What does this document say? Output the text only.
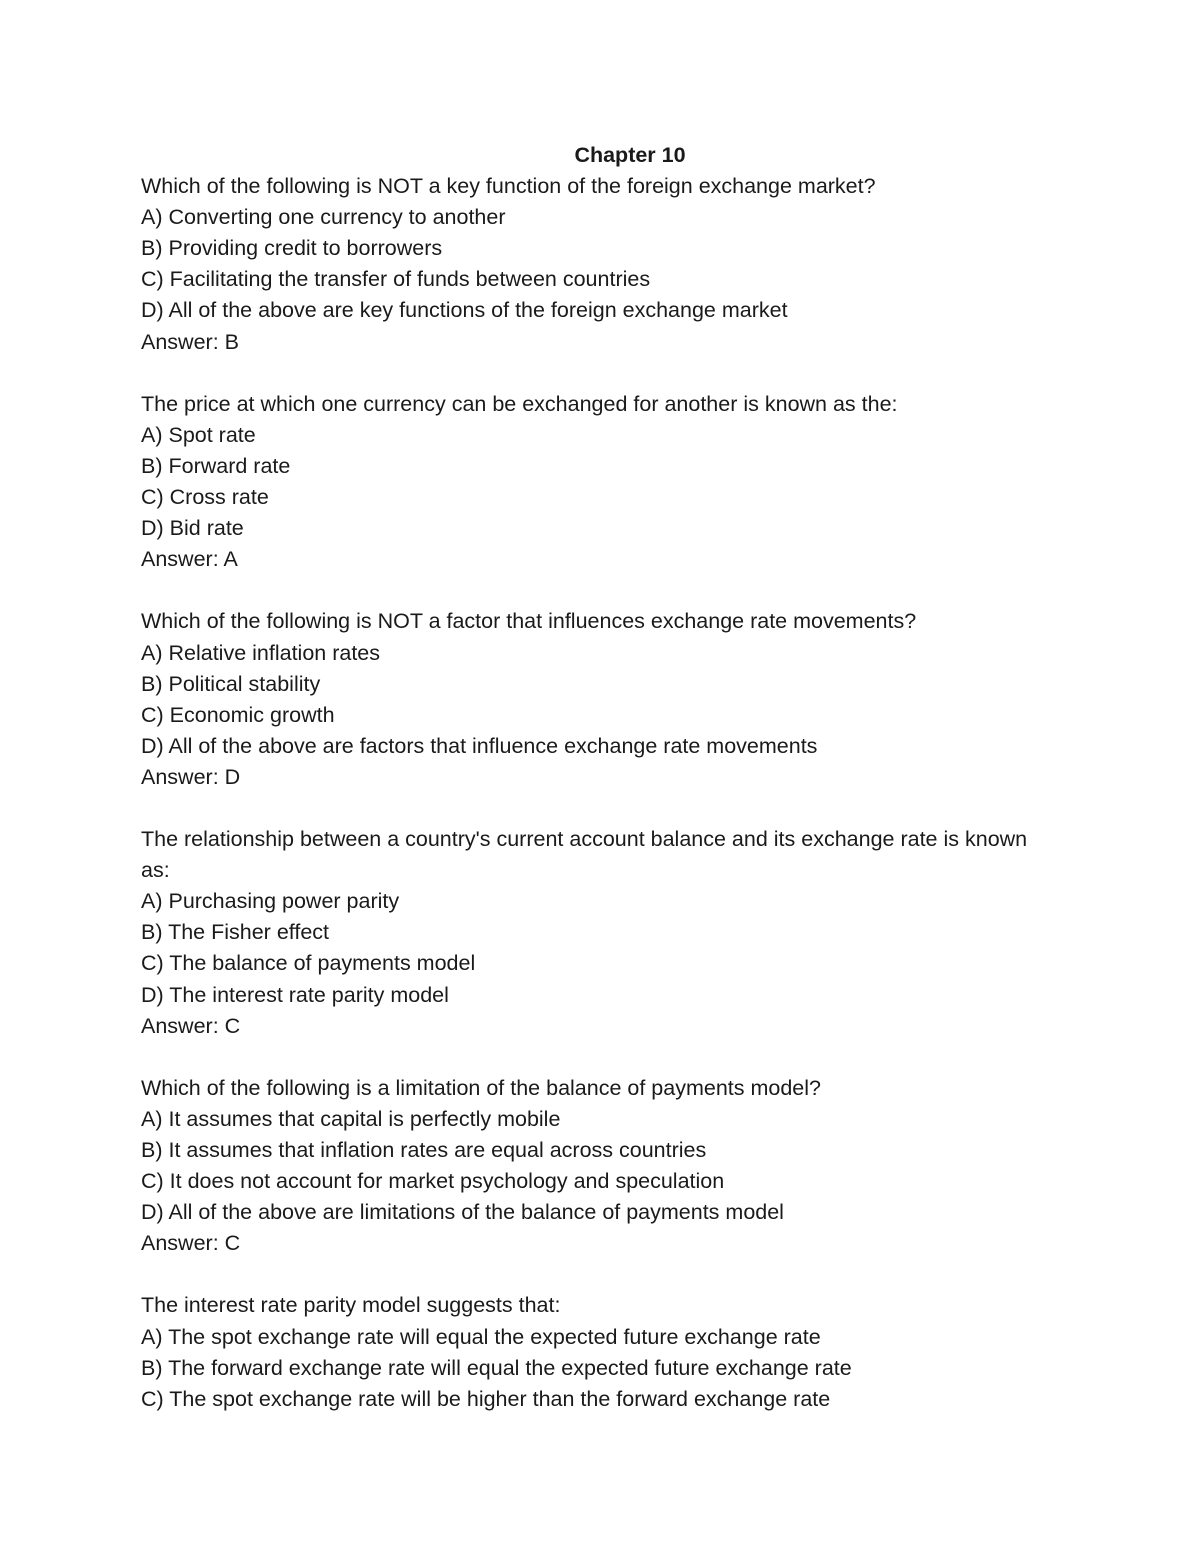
Chapter 10

Which of the following is NOT a key function of the foreign exchange market?

A) Converting one currency to another

B) Providing credit to borrowers

C) Facilitating the transfer of funds between countries

D) All of the above are key functions of the foreign exchange market

Answer: B

The price at which one currency can be exchanged for another is known as the:

A) Spot rate

B) Forward rate

C) Cross rate

D) Bid rate

Answer: A

Which of the following is NOT a factor that influences exchange rate movements?

A) Relative inflation rates

B) Political stability

C) Economic growth

D) All of the above are factors that influence exchange rate movements

Answer: D

The relationship between a country's current account balance and its exchange rate is known as:

A) Purchasing power parity

B) The Fisher effect

C) The balance of payments model

D) The interest rate parity model

Answer: C

Which of the following is a limitation of the balance of payments model?

A) It assumes that capital is perfectly mobile

B) It assumes that inflation rates are equal across countries

C) It does not account for market psychology and speculation

D) All of the above are limitations of the balance of payments model

Answer: C

The interest rate parity model suggests that:

A) The spot exchange rate will equal the expected future exchange rate

B) The forward exchange rate will equal the expected future exchange rate

C) The spot exchange rate will be higher than the forward exchange rate
